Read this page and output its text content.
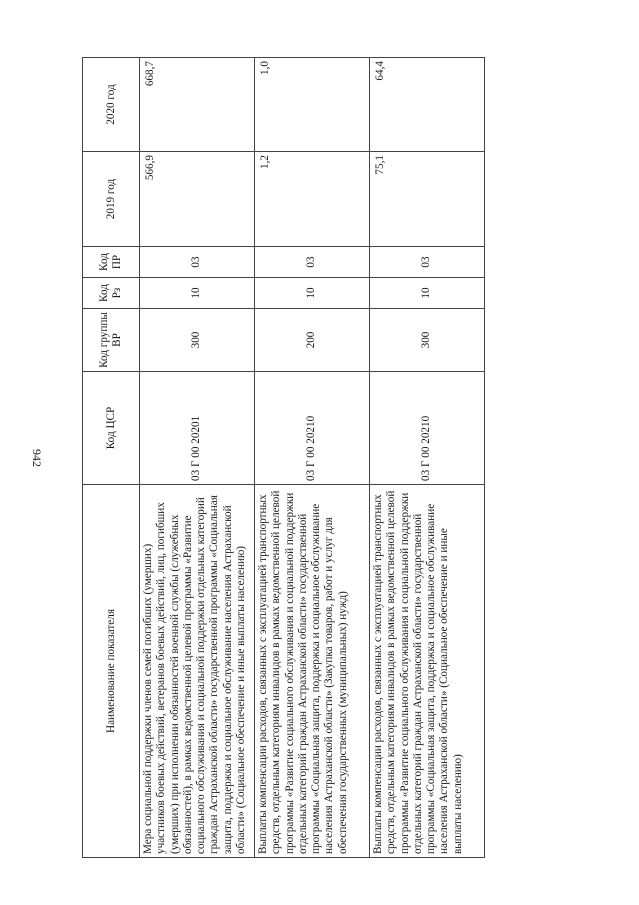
942
Наименование показателя	Код ЦСР	Код группы ВР	Код Рз	Код ПР	2019 год	2020 год
Мера социальной поддержки членов семей погибших (умерших) участников боевых действий, ветеранов боевых действий, лиц, погибших (умерших) при исполнении обязанностей военной службы (служебных обязанностей), в рамках ведомственной целевой программы «Развитие социального обслуживания и социальной поддержки отдельных категорий граждан Астраханской области» государственной программы «Социальная защита, поддержка и социальное обслуживание населения Астраханской области» (Социальное обеспечение и иные выплаты населению)	03 Г 00 20201	300	10	03	566,9	668,7
Выплаты компенсации расходов, связанных с эксплуатацией транспортных средств, отдельным категориям инвалидов в рамках ведомственной целевой программы «Развитие социального обслуживания и социальной поддержки отдельных категорий граждан Астраханской области» государственной программы «Социальная защита, поддержка и социальное обслуживание населения Астраханской области» (Закупка товаров, работ и услуг для обеспечения государственных (муниципальных) нужд)	03 Г 00 20210	200	10	03	1,2	1,0
Выплаты компенсации расходов, связанных с эксплуатацией транспортных средств, отдельным категориям инвалидов в рамках ведомственной целевой программы «Развитие социального обслуживания и социальной поддержки отдельных категорий граждан Астраханской области» государственной программы «Социальная защита, поддержка и социальное обслуживание населения Астраханской области» (Социальное обеспечение и иные выплаты населению)	03 Г 00 20210	300	10	03	75,1	64,4
